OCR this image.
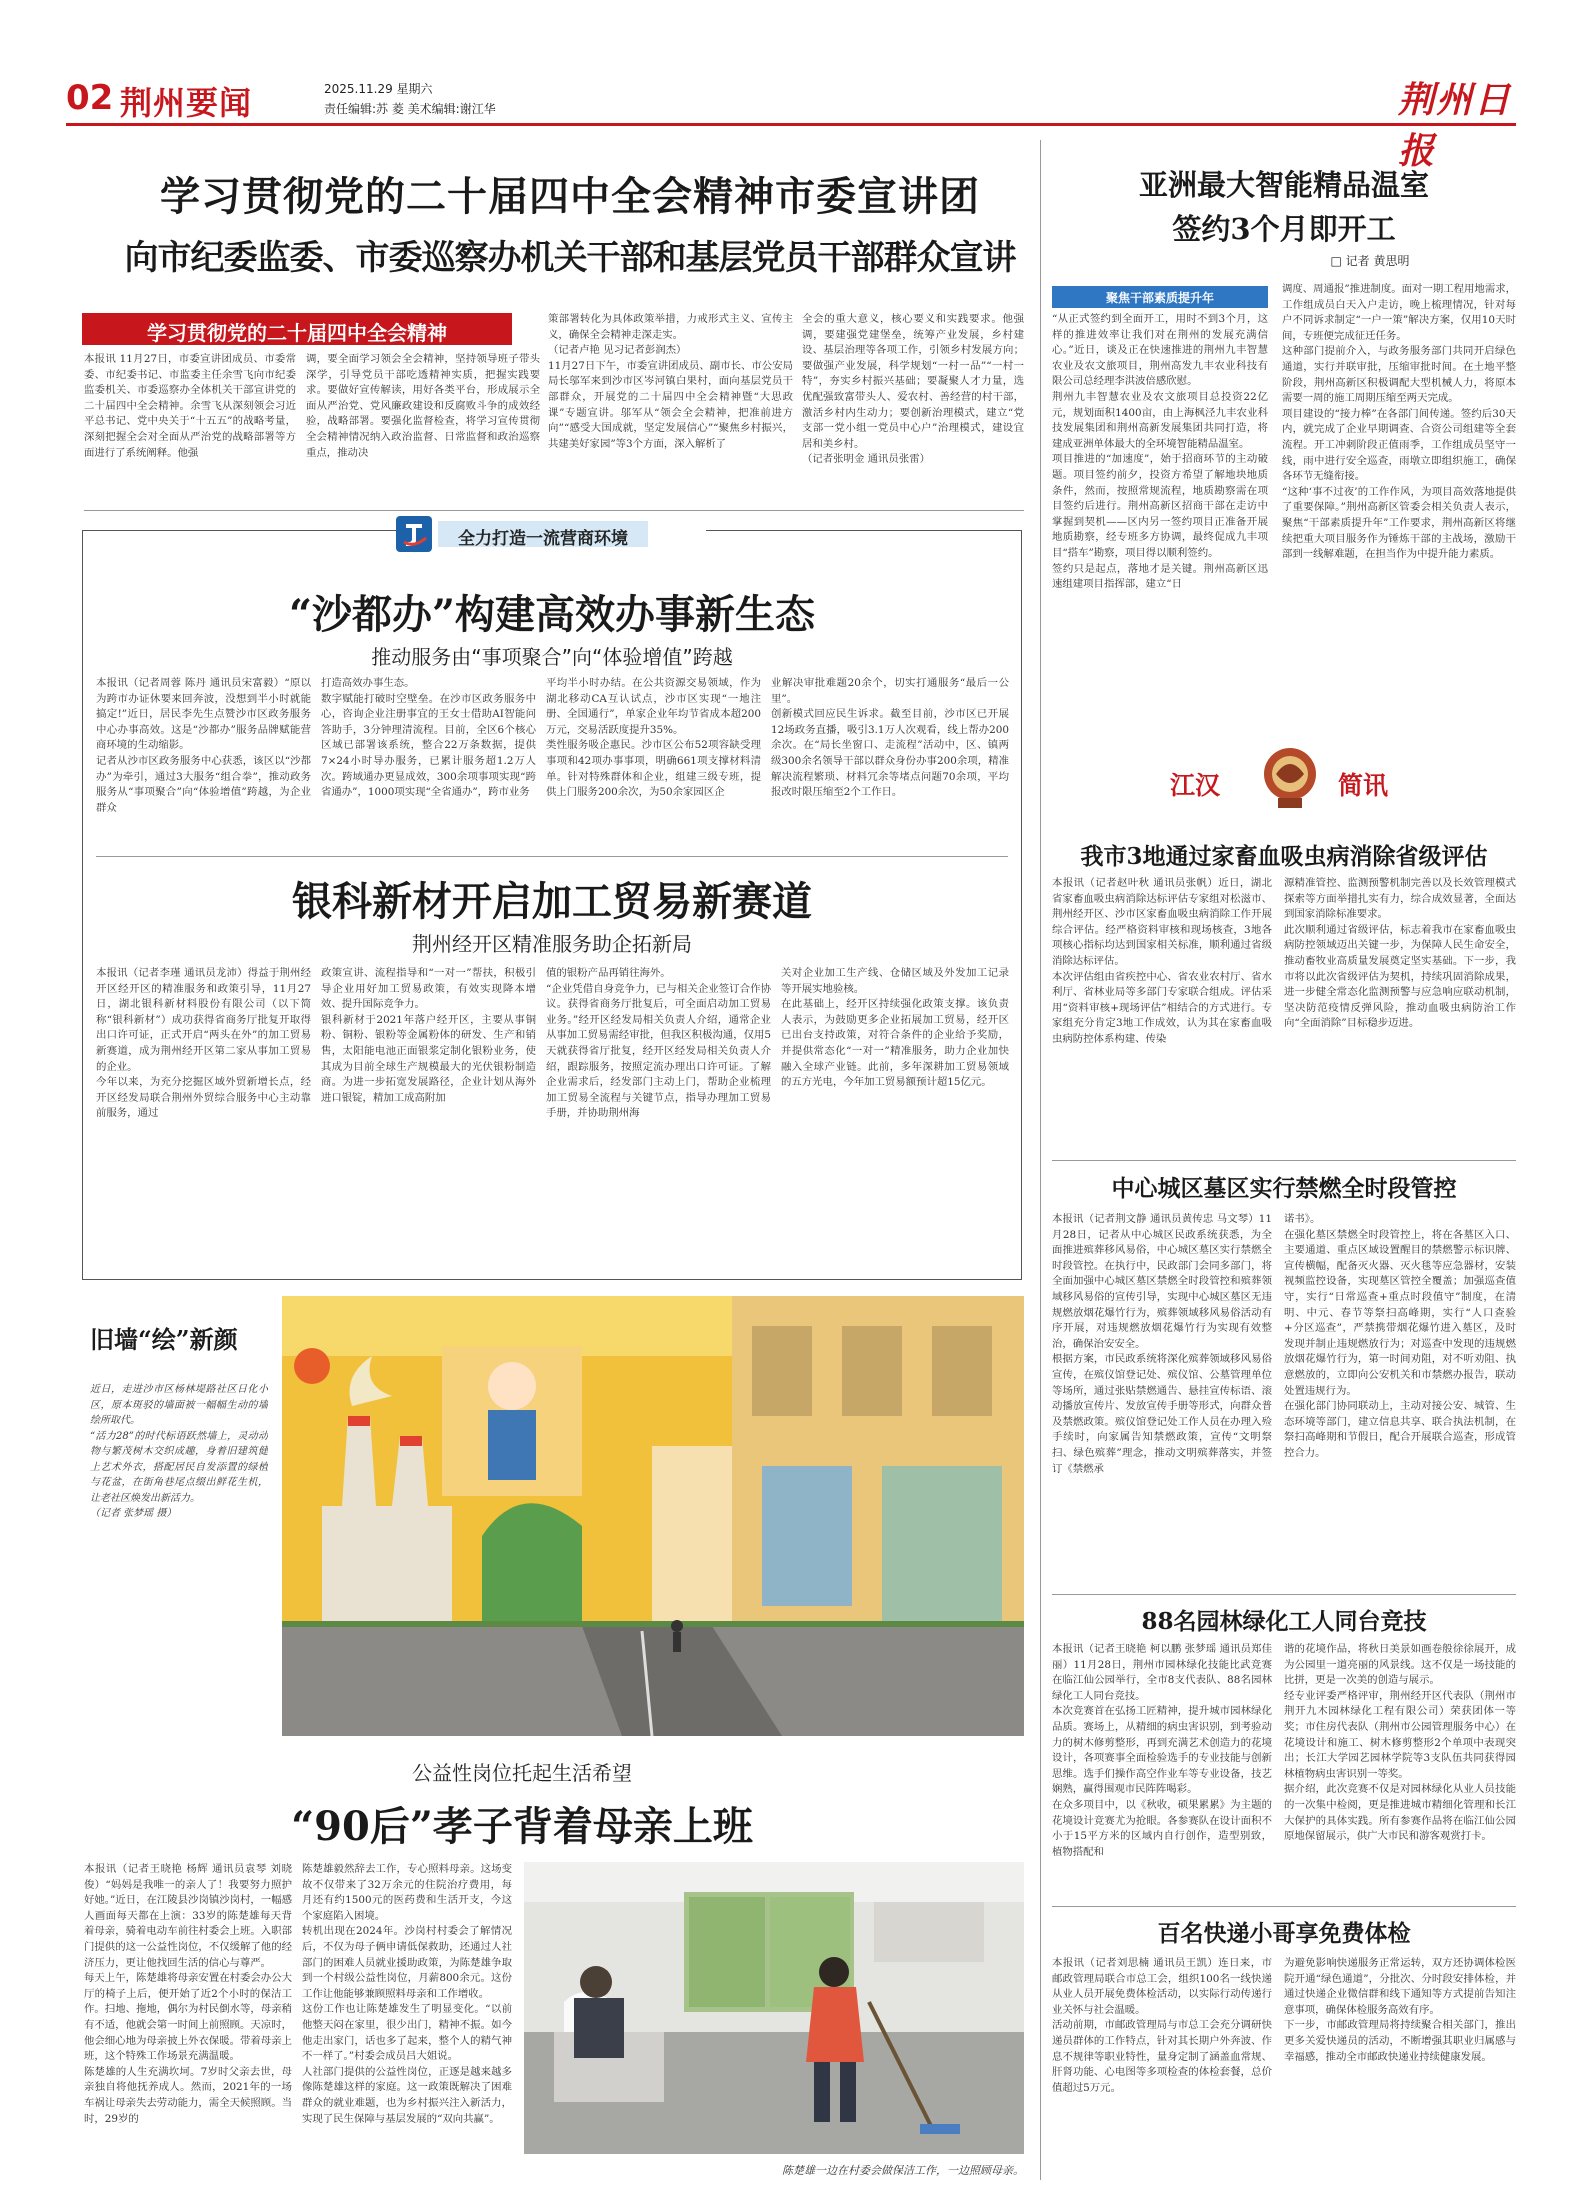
02 荆州要闻	2025.11.29 星期六
责任编辑:苏 菱 美术编辑:谢江华	荆州日报
学习贯彻党的二十届四中全会精神市委宣讲团
向市纪委监委、市委巡察办机关干部和基层党员干部群众宣讲
学习贯彻党的二十届四中全会精神
本报讯 11月27日，市委宣讲团成员、市委常委、市纪委书记、市监委主任余雪飞向市纪委监委机关、市委巡察办全体机关干部宣讲党的二十届四中全会精神。余雪飞从深刻领会习近平总书记、党中央关于“十五五”的战略考量，深刻把握全会对全面从严治党的战略部署等方面进行了系统阐释。他强
调，要全面学习领会全会精神，坚持领导班子带头深学，引导党员干部吃透精神实质，把握实践要求。要做好宣传解读，用好各类平台，形成展示全面从严治党、党风廉政建设和反腐败斗争的成效经验，战略部署。要强化监督检查，将学习宣传贯彻全会精神情况纳入政治监督、日常监督和政治巡察重点，推动决
策部署转化为具体政策举措，力戒形式主义、宣传主义，确保全会精神走深走实。
（记者卢艳 见习记者彭润杰）
11月27日下午，市委宣讲团成员、副市长、市公安局局长邬军来到沙市区岑河镇白果村，面向基层党员干部群众，开展党的二十届四中全会精神暨“大思政课”专题宣讲。邬军从“领会全会精神，把准前进方向”“感受大国成就，坚定发展信心”“聚焦乡村振兴，共建美好家园”等3个方面，深入解析了
全会的重大意义，核心要义和实践要求。他强调，要建强党建堡垒，统筹产业发展，乡村建设、基层治理等各项工作，引领乡村发展方向；要做强产业发展，科学规划“一村一品”“一村一特”，夯实乡村振兴基础；要凝聚人才力量，选优配强致富带头人、爱农村、善经营的村干部，激活乡村内生动力；要创新治理模式，建立“党支部一党小组一党员中心户”治理模式，建设宜居和美乡村。
（记者张明金 通讯员张雷）
全力打造一流营商环境
“沙都办”构建高效办事新生态
推动服务由“事项聚合”向“体验增值”跨越
本报讯（记者周蓉 陈丹 通讯员宋富毅）“原以为跨市办证休要来回奔波，没想到半小时就能搞定!”近日，居民李先生点赞沙市区政务服务中心办事高效。这是“沙都办”服务品牌赋能营商环境的生动缩影。
记者从沙市区政务服务中心获悉，该区以“沙都办”为牵引，通过3大服务“组合拳”，推动政务服务从“事项聚合”向“体验增值”跨越，为企业群众
打造高效办事生态。
数字赋能打破时空壁垒。在沙市区政务服务中心，咨询企业注册事宜的王女士借助AI智能问答助手，3分钟理清流程。目前，全区6个核心区域已部署该系统，整合22万条数据，提供7×24小时导办服务，已累计服务超1.2万人次。跨域通办更显成效，300余项事项实现“跨省通办”，1000项实现“全省通办”，跨市业务
平均半小时办结。在公共资源交易领域，作为湖北移动CA互认试点，沙市区实现“一地注册、全国通行”，单家企业年均节省成本超200万元，交易活跃度提升35%。
类性服务吸企惠民。沙市区公布52项容缺受理事项和42项办事事项，明确661项支撑材料清单。针对特殊群体和企业，组建三级专班，提供上门服务200余次，为50余家园区企
业解决审批难题20余个，切实打通服务“最后一公里”。
创新模式回应民生诉求。截至目前，沙市区已开展12场政务直播，吸引3.1万人次观看，线上帮办200余次。在“局长坐窗口、走流程”活动中，区、镇两级300余名领导干部以群众身份办事200余项，精准解决流程繁琐、材料冗余等堵点问题70余项，平均报改时限压缩至2个工作日。
银科新材开启加工贸易新赛道
荆州经开区精准服务助企拓新局
本报讯（记者李瑾 通讯员龙沛）得益于荆州经开区经开区的精准服务和政策引导，11月27日，湖北银科新材料股份有限公司（以下简称“银科新材”）成功获得省商务厅批复开取得出口许可证，正式开启“两头在外”的加工贸易新赛道，成为荆州经开区第二家从事加工贸易的企业。
今年以来，为充分挖掘区域外贸新增长点，经开区经发局联合荆州外贸综合服务中心主动靠前服务，通过
政策宣讲、流程指导和“一对一”帮扶，积极引导企业用好加工贸易政策，有效实现降本增效、提升国际竞争力。
银科新材于2021年落户经开区，主要从事铜粉、铜粉、银粉等金属粉体的研发、生产和销售，太阳能电池正面银浆定制化银粉业务，使其成为目前全球生产规模最大的光伏银粉制造商。为进一步拓宽发展路径，企业计划从海外进口银锭，精加工成高附加
值的银粉产品再销往海外。
“企业凭借自身竞争力，已与相关企业签订合作协议。获得省商务厅批复后，可全面启动加工贸易业务。”经开区经发局相关负责人介绍，通常企业从事加工贸易需经审批，但我区积极沟通，仅用5天就获得省厅批复，经开区经发局相关负责人介绍，跟踪服务，按照定流办理出口许可证。了解企业需求后，经发部门主动上门，帮助企业梳理加工贸易全流程与关键节点，指导办理加工贸易手册，并协助荆州海
关对企业加工生产线、仓储区域及外发加工记录等开展实地验核。
在此基础上，经开区持续强化政策支撑。该负责人表示，为鼓励更多企业拓展加工贸易，经开区已出台支持政策，对符合条件的企业给予奖励，并提供常态化“一对一”精准服务，助力企业加快融入全球产业链。此前，多年深耕加工贸易领域的五方光电，今年加工贸易额预计超15亿元。
旧墙“绘”新颜
近日，走进沙市区杨林堤路社区日化小区，原本斑驳的墙面被一幅幅生动的墙绘所取代。
“活力28”的时代标语跃然墙上，灵动动物与繁茂树木交织成趣，身着旧建筑健上艺术外衣，搭配居民自发添置的绿植与花盆，在街角巷尾点缀出鲜花生机，让老社区焕发出新活力。
（记者 张梦瑶 摄）
公益性岗位托起生活希望
“90后”孝子背着母亲上班
本报讯（记者王晓艳 杨辉 通讯员袁琴 刘晓俊）“妈妈是我唯一的亲人了！我要努力照护好她。”近日，在江陵县沙岗镇沙岗村，一幅感人画面每天都在上演：33岁的陈楚雄每天背着母亲，骑着电动车前往村委会上班。入职部门提供的这一公益性岗位，不仅缓解了他的经济压力，更让他找回生活的信心与尊严。
每天上午，陈楚雄将母亲安置在村委会办公大厅的椅子上后，便开始了近2个小时的保洁工作。扫地、拖地，偶尔为村民倒水等，母亲稍有不适，他就会第一时间上前照顾。天凉时，他会细心地为母亲披上外衣保暖。带着母亲上班，这个特殊工作场景充满温暖。
陈楚雄的人生充满坎坷。7岁时父亲去世，母亲独自将他抚养成人。然而，2021年的一场车祸让母亲失去劳动能力，需全天候照顾。当时，29岁的
陈楚雄毅然辞去工作，专心照料母亲。这场变故不仅带来了32万余元的住院治疗费用，每月还有约1500元的医药费和生活开支，今这个家庭陷入困境。
转机出现在2024年。沙岗村村委会了解情况后，不仅为母子俩申请低保救助，还通过人社部门的困难人员就业援助政策，为陈楚雄争取到一个村级公益性岗位，月薪800余元。这份工作让他能够兼顾照料母亲和工作增收。
这份工作也让陈楚雄发生了明显变化。“以前他整天闷在家里，很少出门，精神不振。如今他走出家门，话也多了起来，整个人的精气神不一样了。”村委会成员吕大姐说。
人社部门提供的公益性岗位，正逐是越来越多像陈楚雄这样的家庭。这一政策既解决了困难群众的就业难题，也为乡村振兴注入新活力，实现了民生保障与基层发展的“双向共赢”。
陈楚雄一边在村委会做保洁工作，一边照顾母亲。
亚洲最大智能精品温室
签约3个月即开工
□ 记者 黄思明
聚焦干部素质提升年
“从正式签约到全面开工，用时不到3个月，这样的推进效率让我们对在荆州的发展充满信心。”近日，谈及正在快速推进的荆州九丰智慧农业及农文旅项目，荆州高发九丰农业科技有限公司总经理李洪波倍感欣慰。
荆州九丰智慧农业及农文旅项目总投资22亿元，规划面积1400亩，由上海枫泾九丰农业科技发展集团和荆州高新发展集团共同打造，将建成亚洲单体最大的全环境智能精品温室。
项目推进的“加速度”，始于招商环节的主动破题。项目签约前夕，投资方希望了解地块地质条件，然而，按照常规流程，地质勘察需在项目签约后进行。荆州高新区招商干部在走访中掌握到契机——区内另一签约项目正准备开展地质勘察，经专班多方协调，最终促成九丰项目“搭车”勘察，项目得以顺利签约。
签约只是起点，落地才是关键。荆州高新区迅速组建项目指挥部，建立“日
调度、周通报”推进制度。面对一期工程用地需求，工作组成员白天入户走访，晚上梳理情况，针对每户不同诉求制定“一户一策”解决方案，仅用10天时间，专班便完成征迁任务。
这种部门提前介入，与政务服务部门共同开启绿色通道，实行并联审批，压缩审批时间。在土地平整阶段，荆州高新区积极调配大型机械人力，将原本需要一周的施工周期压缩至两天完成。
项目建设的“接力棒”在各部门间传递。签约后30天内，就完成了企业早期调查、合资公司组建等全套流程。开工冲刺阶段正值雨季，工作组成员坚守一线，雨中进行安全巡查，雨墩立即组织施工，确保各环节无缝衔接。
“这种‘事不过夜’的工作作风，为项目高效落地提供了重要保障。”荆州高新区管委会相关负责人表示，聚焦“干部素质提升年”工作要求，荆州高新区将继续把重大项目服务作为锤炼干部的主战场，激励干部到一线解难题，在担当作为中提升能力素质。
江汉	简讯
我市3地通过家畜血吸虫病消除省级评估
本报讯（记者赵叶秋 通讯员张帆）近日，湖北省家畜血吸虫病消除达标评估专家组对松滋市、荆州经开区、沙市区家畜血吸虫病消除工作开展综合评估。经严格资料审核和现场核查，3地各项核心指标均达到国家相关标准，顺利通过省级消除达标评估。
本次评估组由省疾控中心、省农业农村厅、省水利厅、省林业局等多部门专家联合组成。评估采用“资料审核+现场评估”相结合的方式进行。专家组充分肯定3地工作成效，认为其在家畜血吸虫病防控体系构建、传染
源精准管控、监测预警机制完善以及长效管理模式探索等方面举措扎实有力，综合成效显著，全面达到国家消除标准要求。
此次顺利通过省级评估，标志着我市在家畜血吸虫病防控领域迈出关键一步，为保障人民生命安全，推动畜牧业高质量发展奠定坚实基础。下一步，我市将以此次省级评估为契机，持续巩固消除成果，进一步健全常态化监测预警与应急响应联动机制，坚决防范疫情反弹风险，推动血吸虫病防治工作向“全面消除”目标稳步迈进。
中心城区墓区实行禁燃全时段管控
本报讯（记者荆文静 通讯员黄传忠 马文琴）11月28日，记者从中心城区民政系统获悉，为全面推进殡葬移风易俗，中心城区墓区实行禁燃全时段管控。在执行中，民政部门会同多部门，将全面加强中心城区墓区禁燃全时段管控和殡葬领域移风易俗的宣传引导，实现中心城区墓区无违规燃放烟花爆竹行为，殡葬领域移风易俗活动有序开展，对违规燃放烟花爆竹行为实现有效整治，确保治安安全。
根据方案，市民政系统将深化殡葬领域移风易俗宣传，在殡仪馆登记处、殡仪馆、公墓管理单位等场所，通过张贴禁燃通告、悬挂宣传标语、滚动播放宣传片、发放宣传手册等形式，向群众普及禁燃政策。殡仪馆登记处工作人员在办理入殓手续时，向家属告知禁燃政策，宣传“文明祭扫、绿色殡葬”理念，推动文明殡葬落实，并签订《禁燃承
诺书》。
在强化墓区禁燃全时段管控上，将在各墓区入口、主要通道、重点区域设置醒目的禁燃警示标识牌、宣传横幅，配备灭火器、灭火毯等应急器材，安装视频监控设备，实现墓区管控全覆盖；加强巡查值守，实行“日常巡查+重点时段值守”制度，在清明、中元、春节等祭扫高峰期，实行“人口查验+分区巡查”，严禁携带烟花爆竹进入墓区，及时发现并制止违规燃放行为；对巡查中发现的违规燃放烟花爆竹行为，第一时间劝阻，对不听劝阻、执意燃放的，立即向公安机关和市禁燃办报告，联动处置违规行为。
在强化部门协同联动上，主动对接公安、城管、生态环境等部门，建立信息共享、联合执法机制，在祭扫高峰期和节假日，配合开展联合巡查，形成管控合力。
88名园林绿化工人同台竞技
本报讯（记者王晓艳 柯以鹏 张梦瑶 通讯员郑佳丽）11月28日，荆州市园林绿化技能比武竞赛在临江仙公园举行，全市8支代表队、88名园林绿化工人同台竞技。
本次竞赛首在弘扬工匠精神，提升城市园林绿化品质。赛场上，从精细的病虫害识别，到考验动力的树木修剪整形，再到充满艺术创造力的花境设计，各项赛事全面检验选手的专业技能与创新思维。选手们操作高空作业车等专业设备，技艺娴熟，赢得围观市民阵阵喝彩。
在众多项目中，以《秋收，硕果累累》为主题的花境设计竞赛尤为抢眼。各参赛队在设计面积不小于15平方米的区域内自行创作，造型别致，植物搭配和
谐的花境作品，将秋日美景如画卷般徐徐展开，成为公园里一道亮丽的风景线。这不仅是一场技能的比拼，更是一次美的创造与展示。
经专业评委严格评审，荆州经开区代表队（荆州市荆开九木园林绿化工程有限公司）荣获团体一等奖；市住房代表队（荆州市公园管理服务中心）在花境设计和施工、树木修剪整形2个单项中表现突出；长江大学园艺园林学院等3支队伍共同获得园林植物病虫害识别一等奖。
据介绍，此次竞赛不仅是对园林绿化从业人员技能的一次集中检阅，更是推进城市精细化管理和长江大保护的具体实践。所有参赛作品将在临江仙公园原地保留展示，供广大市民和游客观赏打卡。
百名快递小哥享免费体检
本报讯（记者刘思楠 通讯员王凯）连日来，市邮政管理局联合市总工会，组织100名一线快递从业人员开展免费体检活动，以实际行动传递行业关怀与社会温暖。
活动前期，市邮政管理局与市总工会充分调研快递员群体的工作特点，针对其长期户外奔波、作息不规律等职业特性，量身定制了涵盖血常规、肝肾功能、心电图等多项检查的体检套餐，总价值超过5万元。
为避免影响快递服务正常运转，双方还协调体检医院开通“绿色通道”，分批次、分时段安排体检，并通过快递企业微信群和线下通知等方式提前告知注意事项，确保体检服务高效有序。
下一步，市邮政管理局将持续聚合相关部门，推出更多关爱快递员的活动，不断增强其职业归属感与幸福感，推动全市邮政快递业持续健康发展。
